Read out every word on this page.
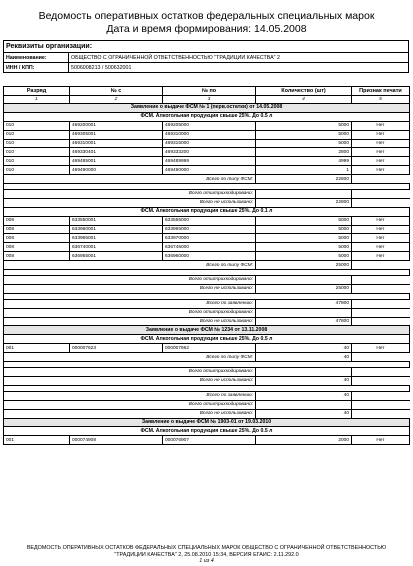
Ведомость оперативных остатков федеральных специальных марок
Дата и время формирования: 14.05.2008
Реквизиты организации:	
Наименование:	ОБЩЕСТВО С ОГРАНИЧЕННОЙ ОТВЕТСТВЕННОСТЬЮ "ТРАДИЦИИ КАЧЕСТВА" 2
ИНН / КПП:	5006008213 / 500632001
Разряд	№ с	№ по	Количество (шт)	Признак печати
1	2	3	4	5
Заявление о выдаче ФСМ № 1 (перв.остатки) от 14.05.2008				
ФСМ. Алкогольная продукция свыше 25%. До 0.5 л				
010	469200001	469205000	5000	Нет
010	469305001	469310000	5000	Нет
010	469310001	469315000	5000	Нет
010	469330401	469333200	2800	Нет
010	469485001	469489999	4999	Нет
010	469490000	469490000	1	Нет
Всего по типу ФСМ:			22800	

Всего отштрихкодировано:				
Всего не использовано:			22800	
ФСМ. Алкогольная продукция свыше 25%. До 0.1 л				
008	633550001	633555000	5000	Нет
008	633960001	633965000	5000	Нет
008	633965001	633970000	5000	Нет
008	636740001	636745000	5000	Нет
008	636955001	636960000	5000	Нет
Всего по типу ФСМ:			25000	

Всего отштрихкодировано:				
Всего не использовано:			25000	

Всего по заявлению:			47800	
Всего отштрихкодировано:				
Всего не использовано:			47800	
Заявление о выдаче ФСМ № 1234 от 13.11.2008				
ФСМ. Алкогольная продукция свыше 25%. До 0.5 л				
001	000007623	000007662	40	Нет
Всего по типу ФСМ:			40	

Всего отштрихкодировано:				
Всего не использовано:			40	

Всего по заявлению:			40	
Всего отштрихкодировано:				
Всего не использовано:			40	
Заявление о выдаче ФСМ № 1903-01 от 19.03.2010				
ФСМ. Алкогольная продукция свыше 25%. До 0.5 л				
001	000074908	000076907	2000	Нет
ВЕДОМОСТЬ ОПЕРАТИВНЫХ ОСТАТКОВ ФЕДЕРАЛЬНЫХ СПЕЦИАЛЬНЫХ МАРОК ОБЩЕСТВО С ОГРАНИЧЕННОЙ ОТВЕТСТВЕННОСТЬЮ
"ТРАДИЦИИ КАЧЕСТВА" 2, 25.08.2010 15:34, ВЕРСИЯ ЕГАИС: 2.11.292.0
1 из 4
